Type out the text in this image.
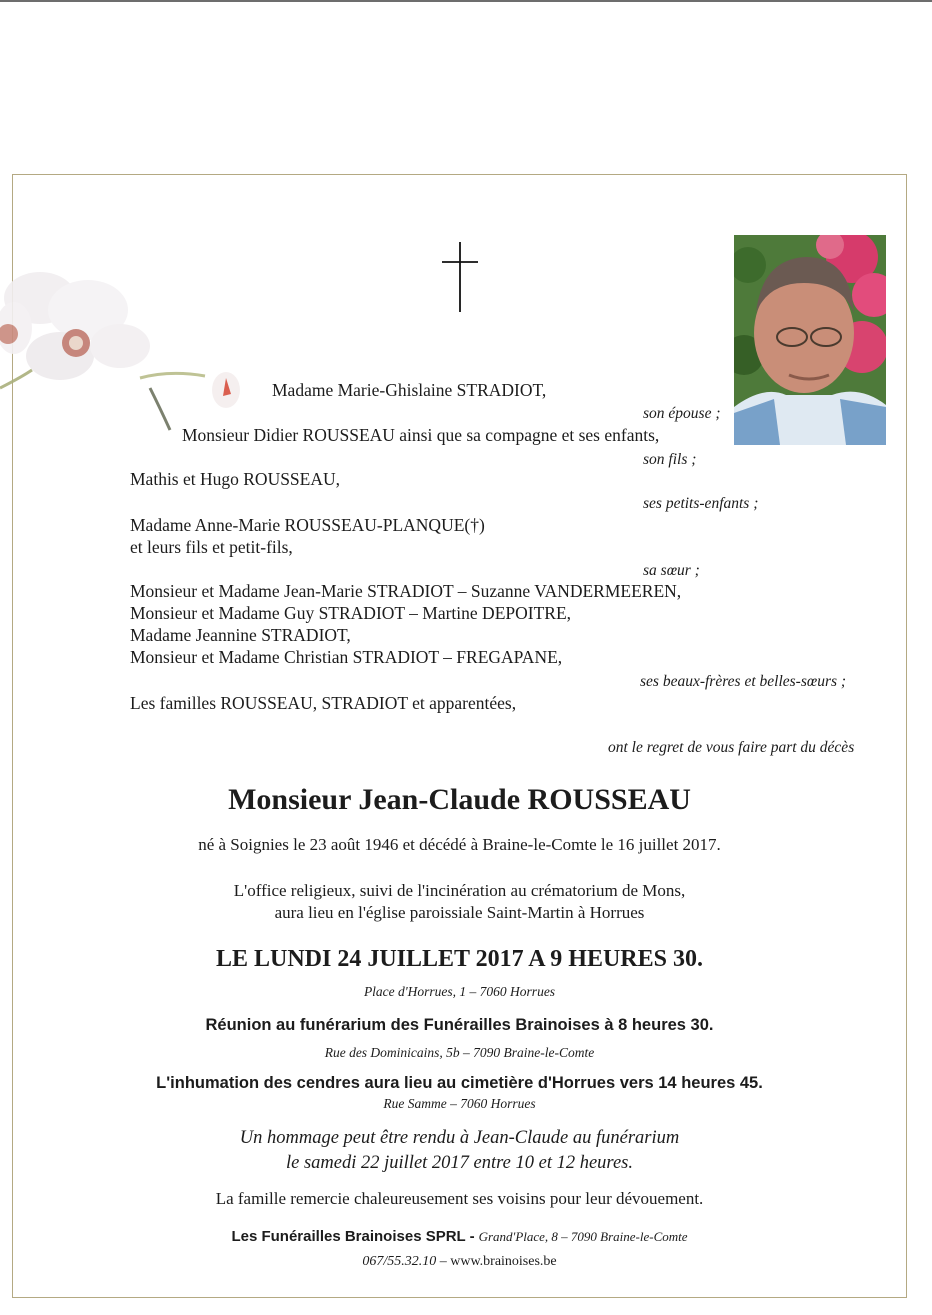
Madame Marie-Ghislaine STRADIOT,
son épouse ;
Monsieur Didier ROUSSEAU ainsi que sa compagne et ses enfants,
son fils ;
Mathis et Hugo ROUSSEAU,
ses petits-enfants ;
Madame Anne-Marie ROUSSEAU-PLANQUE(†)
et leurs fils et petit-fils,
sa sœur ;
Monsieur et Madame Jean-Marie STRADIOT – Suzanne VANDERMEEREN,
Monsieur et Madame Guy STRADIOT – Martine DEPOITRE,
Madame Jeannine STRADIOT,
Monsieur et Madame Christian STRADIOT – FREGAPANE,
ses beaux-frères et belles-sœurs ;
Les familles ROUSSEAU, STRADIOT et apparentées,
ont le regret de vous faire part du décès
Monsieur Jean-Claude ROUSSEAU
né à Soignies le 23 août 1946 et décédé à Braine-le-Comte le 16 juillet 2017.
L'office religieux, suivi de l'incinération au crématorium de Mons,
aura lieu en l'église paroissiale Saint-Martin à Horrues
LE LUNDI 24 JUILLET 2017 A 9 HEURES 30.
Place d'Horrues, 1 – 7060 Horrues
Réunion au funérarium des Funérailles Brainoises à 8 heures 30.
Rue des Dominicains, 5b – 7090 Braine-le-Comte
L'inhumation des cendres aura lieu au cimetière d'Horrues vers 14 heures 45.
Rue Samme – 7060 Horrues
Un hommage peut être rendu à Jean-Claude au funérarium
le samedi 22 juillet 2017 entre 10 et 12 heures.
La famille remercie chaleureusement ses voisins pour leur dévouement.
Les Funérailles Brainoises SPRL - Grand'Place, 8 – 7090 Braine-le-Comte
067/55.32.10 – www.brainoises.be
